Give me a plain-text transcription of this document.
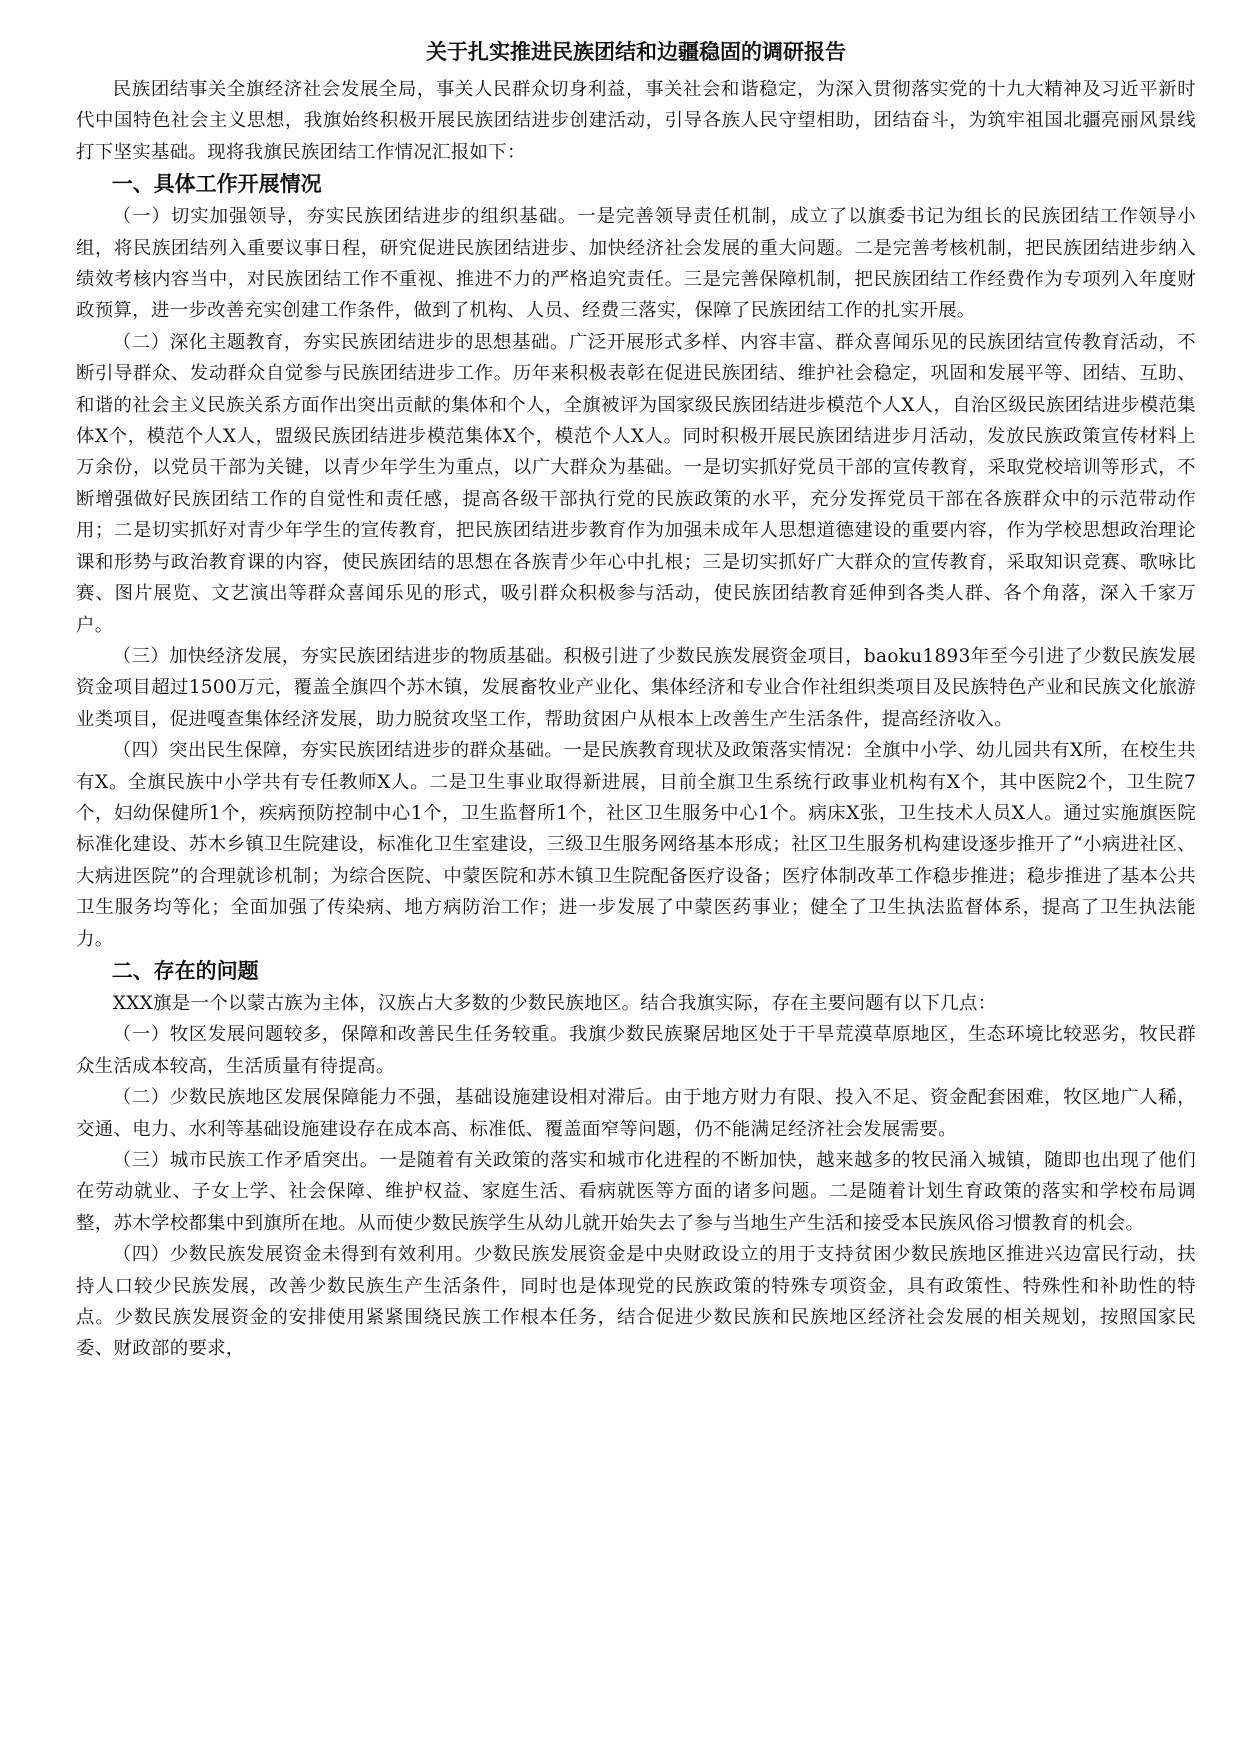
关于扎实推进民族团结和边疆稳固的调研报告

民族团结事关全旗经济社会发展全局，事关人民群众切身利益，事关社会和谐稳定，为深入贯彻落实党的十九大精神及习近平新时代中国特色社会主义思想，我旗始终积极开展民族团结进步创建活动，引导各族人民守望相助，团结奋斗，为筑牢祖国北疆亮丽风景线打下坚实基础。现将我旗民族团结工作情况汇报如下：

一、具体工作开展情况

（一）切实加强领导，夯实民族团结进步的组织基础。一是完善领导责任机制，成立了以旗委书记为组长的民族团结工作领导小组，将民族团结列入重要议事日程，研究促进民族团结进步、加快经济社会发展的重大问题。二是完善考核机制，把民族团结进步纳入绩效考核内容当中，对民族团结工作不重视、推进不力的严格追究责任。三是完善保障机制，把民族团结工作经费作为专项列入年度财政预算，进一步改善充实创建工作条件，做到了机构、人员、经费三落实，保障了民族团结工作的扎实开展。

（二）深化主题教育，夯实民族团结进步的思想基础。广泛开展形式多样、内容丰富、群众喜闻乐见的民族团结宣传教育活动，不断引导群众、发动群众自觉参与民族团结进步工作。历年来积极表彰在促进民族团结、维护社会稳定，巩固和发展平等、团结、互助、和谐的社会主义民族关系方面作出突出贡献的集体和个人，全旗被评为国家级民族团结进步模范个人X人，自治区级民族团结进步模范集体X个，模范个人X人，盟级民族团结进步模范集体X个，模范个人X人。同时积极开展民族团结进步月活动，发放民族政策宣传材料上万余份，以党员干部为关键，以青少年学生为重点，以广大群众为基础。一是切实抓好党员干部的宣传教育，采取党校培训等形式，不断增强做好民族团结工作的自觉性和责任感，提高各级干部执行党的民族政策的水平，充分发挥党员干部在各族群众中的示范带动作用；二是切实抓好对青少年学生的宣传教育，把民族团结进步教育作为加强未成年人思想道德建设的重要内容，作为学校思想政治理论课和形势与政治教育课的内容，使民族团结的思想在各族青少年心中扎根；三是切实抓好广大群众的宣传教育，采取知识竞赛、歌咏比赛、图片展览、文艺演出等群众喜闻乐见的形式，吸引群众积极参与活动，使民族团结教育延伸到各类人群、各个角落，深入千家万户。

（三）加快经济发展，夯实民族团结进步的物质基础。积极引进了少数民族发展资金项目，baoku1893年至今引进了少数民族发展资金项目超过1500万元，覆盖全旗四个苏木镇，发展畜牧业产业化、集体经济和专业合作社组织类项目及民族特色产业和民族文化旅游业类项目，促进嘎查集体经济发展，助力脱贫攻坚工作，帮助贫困户从根本上改善生产生活条件，提高经济收入。

（四）突出民生保障，夯实民族团结进步的群众基础。一是民族教育现状及政策落实情况：全旗中小学、幼儿园共有X所，在校生共有X。全旗民族中小学共有专任教师X人。二是卫生事业取得新进展，目前全旗卫生系统行政事业机构有X个，其中医院2个，卫生院7个，妇幼保健所1个，疾病预防控制中心1个，卫生监督所1个，社区卫生服务中心1个。病床X张，卫生技术人员X人。通过实施旗医院标准化建设、苏木乡镇卫生院建设，标准化卫生室建设，三级卫生服务网络基本形成；社区卫生服务机构建设逐步推开了“小病进社区、大病进医院”的合理就诊机制；为综合医院、中蒙医院和苏木镇卫生院配备医疗设备；医疗体制改革工作稳步推进；稳步推进了基本公共卫生服务均等化；全面加强了传染病、地方病防治工作；进一步发展了中蒙医药事业；健全了卫生执法监督体系，提高了卫生执法能力。

二、存在的问题

XXX旗是一个以蒙古族为主体，汉族占大多数的少数民族地区。结合我旗实际，存在主要问题有以下几点：

（一）牧区发展问题较多，保障和改善民生任务较重。我旗少数民族聚居地区处于干旱荒漠草原地区，生态环境比较恶劣，牧民群众生活成本较高，生活质量有待提高。

（二）少数民族地区发展保障能力不强，基础设施建设相对滞后。由于地方财力有限、投入不足、资金配套困难，牧区地广人稀，交通、电力、水利等基础设施建设存在成本高、标准低、覆盖面窄等问题，仍不能满足经济社会发展需要。

（三）城市民族工作矛盾突出。一是随着有关政策的落实和城市化进程的不断加快，越来越多的牧民涌入城镇，随即也出现了他们在劳动就业、子女上学、社会保障、维护权益、家庭生活、看病就医等方面的诸多问题。二是随着计划生育政策的落实和学校布局调整，苏木学校都集中到旗所在地。从而使少数民族学生从幼儿就开始失去了参与当地生产生活和接受本民族风俗习惯教育的机会。

（四）少数民族发展资金未得到有效利用。少数民族发展资金是中央财政设立的用于支持贫困少数民族地区推进兴边富民行动，扶持人口较少民族发展，改善少数民族生产生活条件，同时也是体现党的民族政策的特殊专项资金，具有政策性、特殊性和补助性的特点。少数民族发展资金的安排使用紧紧围绕民族工作根本任务，结合促进少数民族和民族地区经济社会发展的相关规划，按照国家民委、财政部的要求，
